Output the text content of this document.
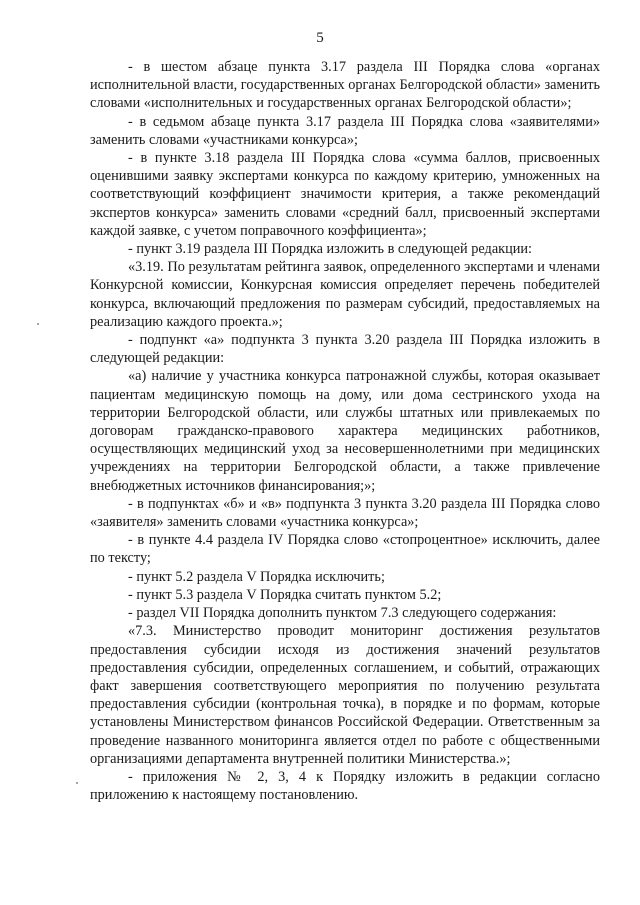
5

- в шестом абзаце пункта 3.17 раздела III Порядка слова «органах исполнительной власти, государственных органах Белгородской области» заменить словами «исполнительных и государственных органах Белгородской области»;

- в седьмом абзаце пункта 3.17 раздела III Порядка слова «заявителями» заменить словами «участниками конкурса»;

- в пункте 3.18 раздела III Порядка слова «сумма баллов, присвоенных оценившими заявку экспертами конкурса по каждому критерию, умноженных на соответствующий коэффициент значимости критерия, а также рекомендаций экспертов конкурса» заменить словами «средний балл, присвоенный экспертами каждой заявке, с учетом поправочного коэффициента»;

- пункт 3.19 раздела III Порядка изложить в следующей редакции:

«3.19. По результатам рейтинга заявок, определенного экспертами и членами Конкурсной комиссии, Конкурсная комиссия определяет перечень победителей конкурса, включающий предложения по размерам субсидий, предоставляемых на реализацию каждого проекта.»;

- подпункт «а» подпункта 3 пункта 3.20 раздела III Порядка изложить в следующей редакции:

«а) наличие у участника конкурса патронажной службы, которая оказывает пациентам медицинскую помощь на дому, или дома сестринского ухода на территории Белгородской области, или службы штатных или привлекаемых по договорам гражданско-правового характера медицинских работников, осуществляющих медицинский уход за несовершеннолетними при медицинских учреждениях на территории Белгородской области, а также привлечение внебюджетных источников финансирования;»;

- в подпунктах «б» и «в» подпункта 3 пункта 3.20 раздела III Порядка слово «заявителя» заменить словами «участника конкурса»;

- в пункте 4.4 раздела IV Порядка слово «стопроцентное» исключить, далее по тексту;

- пункт 5.2 раздела V Порядка исключить;

- пункт 5.3 раздела V Порядка считать пунктом 5.2;

- раздел VII Порядка дополнить пунктом 7.3 следующего содержания:

«7.3. Министерство проводит мониторинг достижения результатов предоставления субсидии исходя из достижения значений результатов предоставления субсидии, определенных соглашением, и событий, отражающих факт завершения соответствующего мероприятия по получению результата предоставления субсидии (контрольная точка), в порядке и по формам, которые установлены Министерством финансов Российской Федерации. Ответственным за проведение названного мониторинга является отдел по работе с общественными организациями департамента внутренней политики Министерства.»;

- приложения № 2, 3, 4 к Порядку изложить в редакции согласно приложению к настоящему постановлению.
